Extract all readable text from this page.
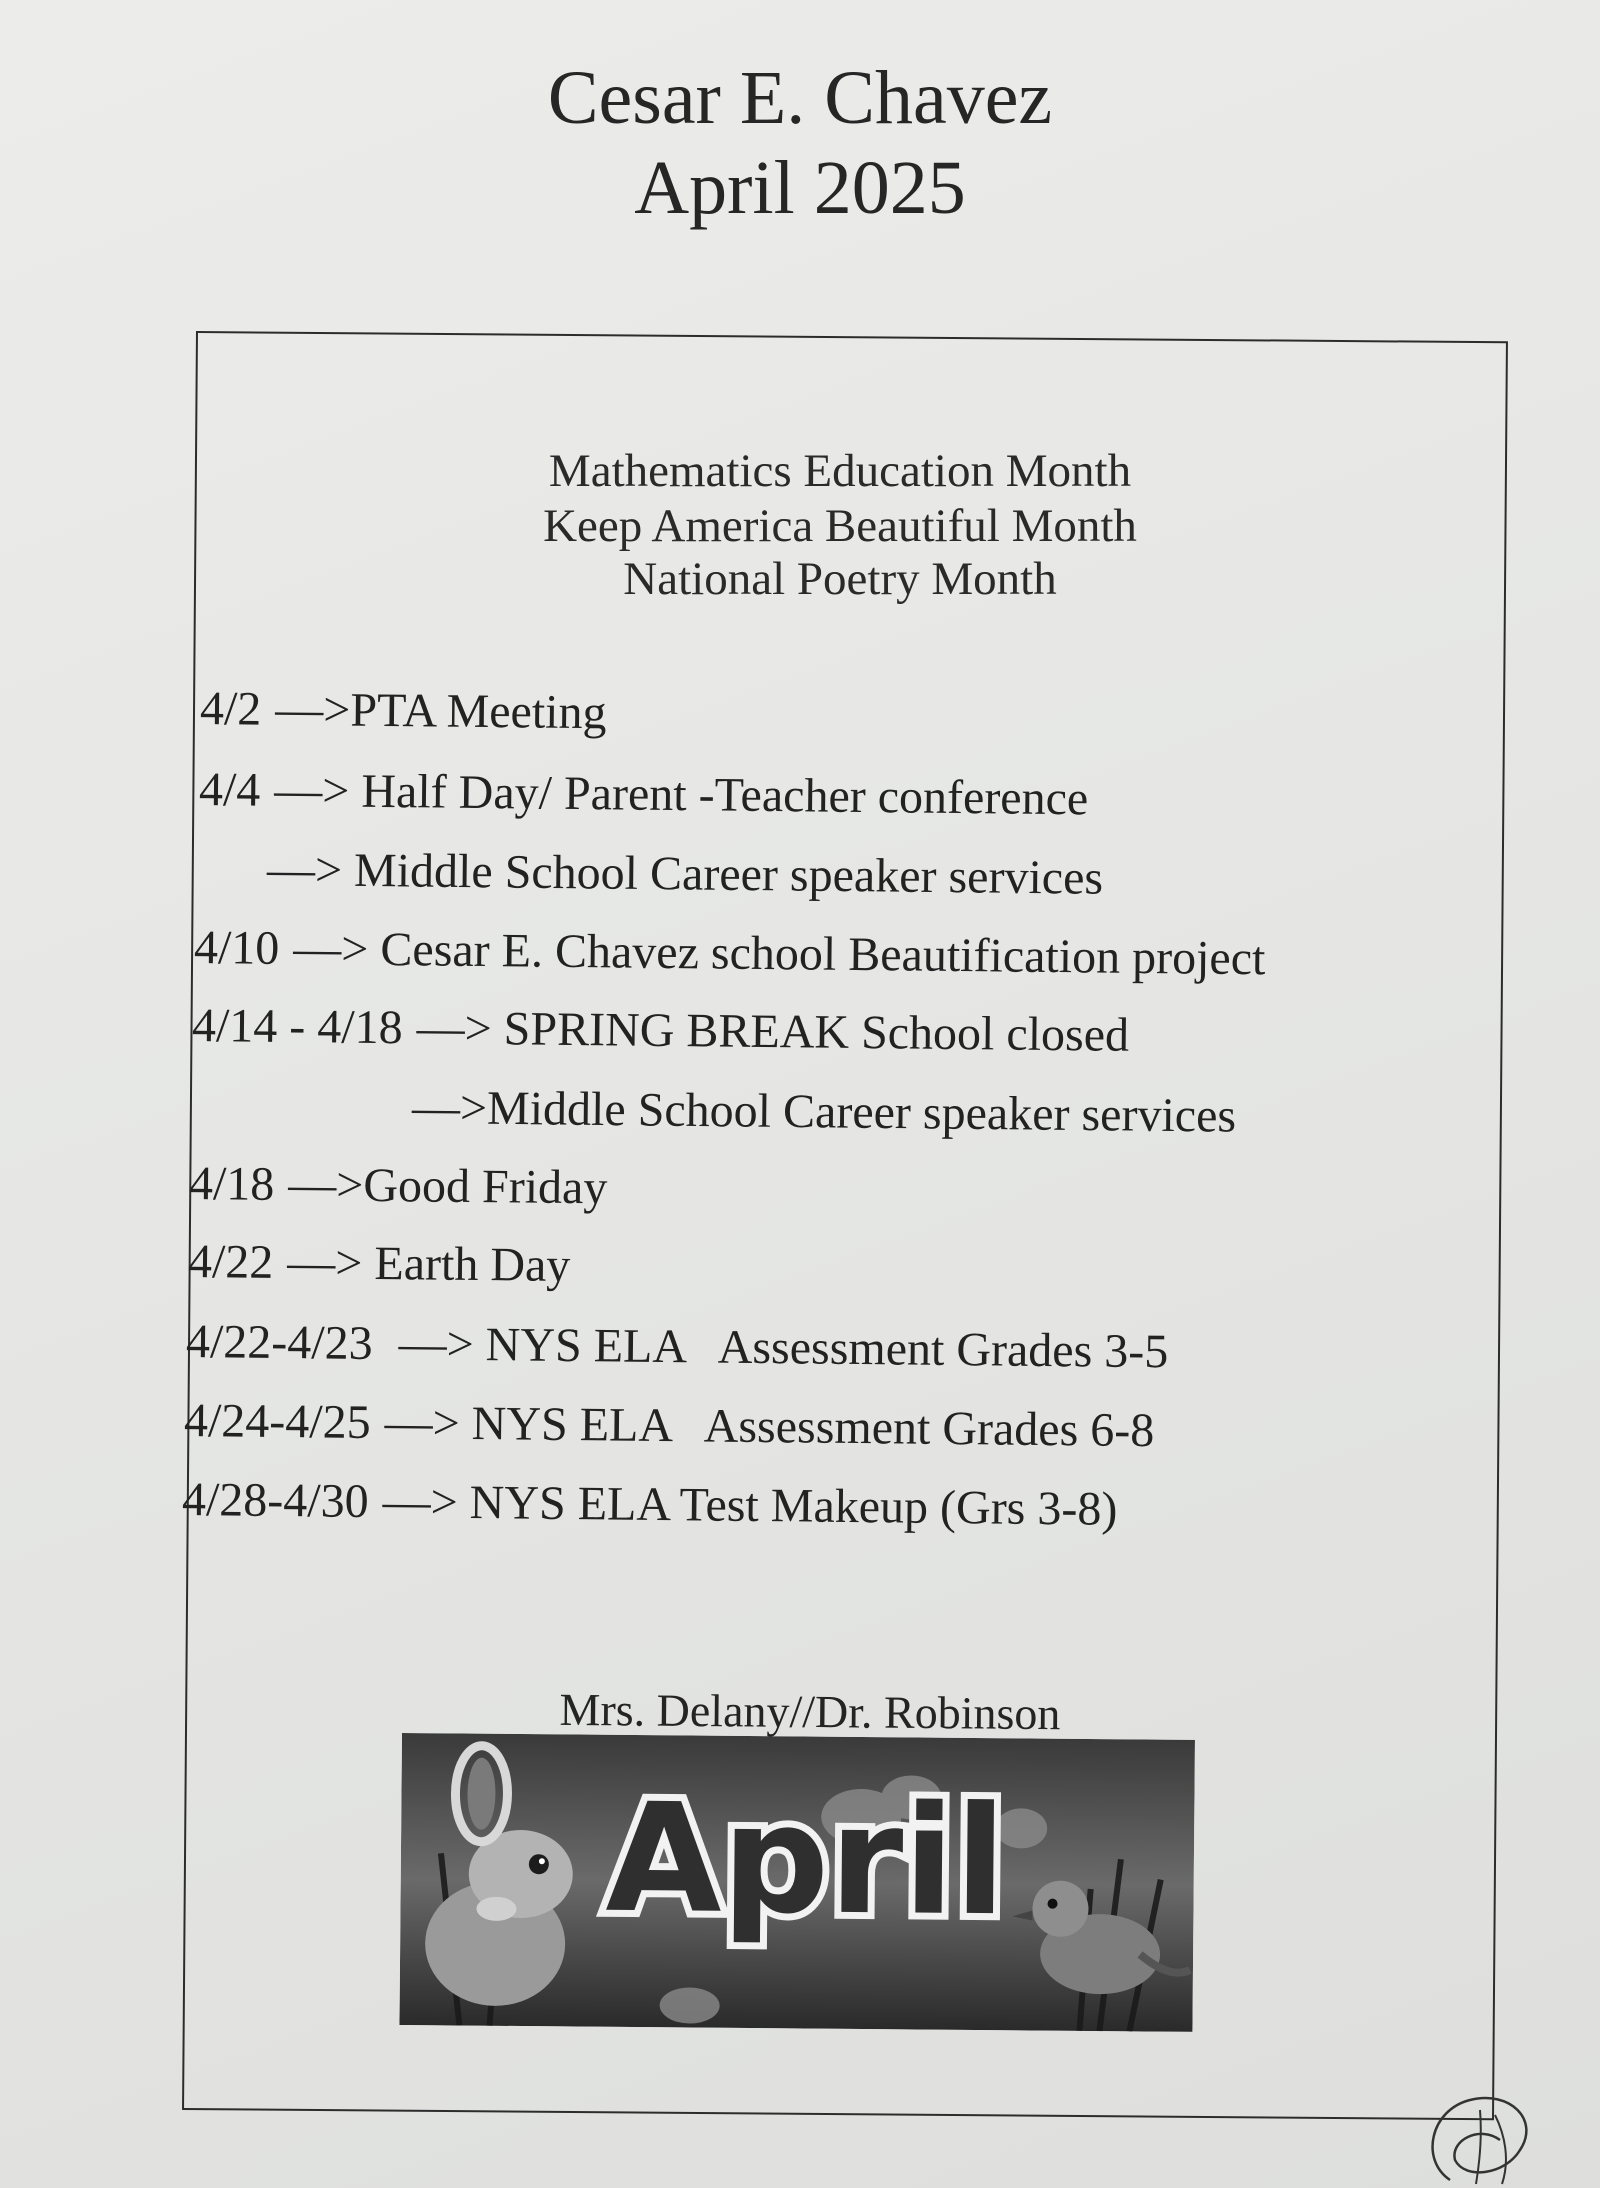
Cesar E. Chavez
April 2025
Mathematics Education Month
Keep America Beautiful Month
National Poetry Month
4/2 —>PTA Meeting
4/4 —> Half Day/ Parent -Teacher conference
—> Middle School Career speaker services
4/10 —> Cesar E. Chavez school Beautification project
4/14 - 4/18 —> SPRING BREAK School closed
—>Middle School Career speaker services
4/18 —>Good Friday
4/22 —> Earth Day
4/22-4/23 —> NYS ELA   Assessment Grades 3-5
4/24-4/25 —> NYS ELA   Assessment Grades 6-8
4/28-4/30 —> NYS ELA Test Makeup (Grs 3-8)
Mrs. Delany//Dr. Robinson
April
